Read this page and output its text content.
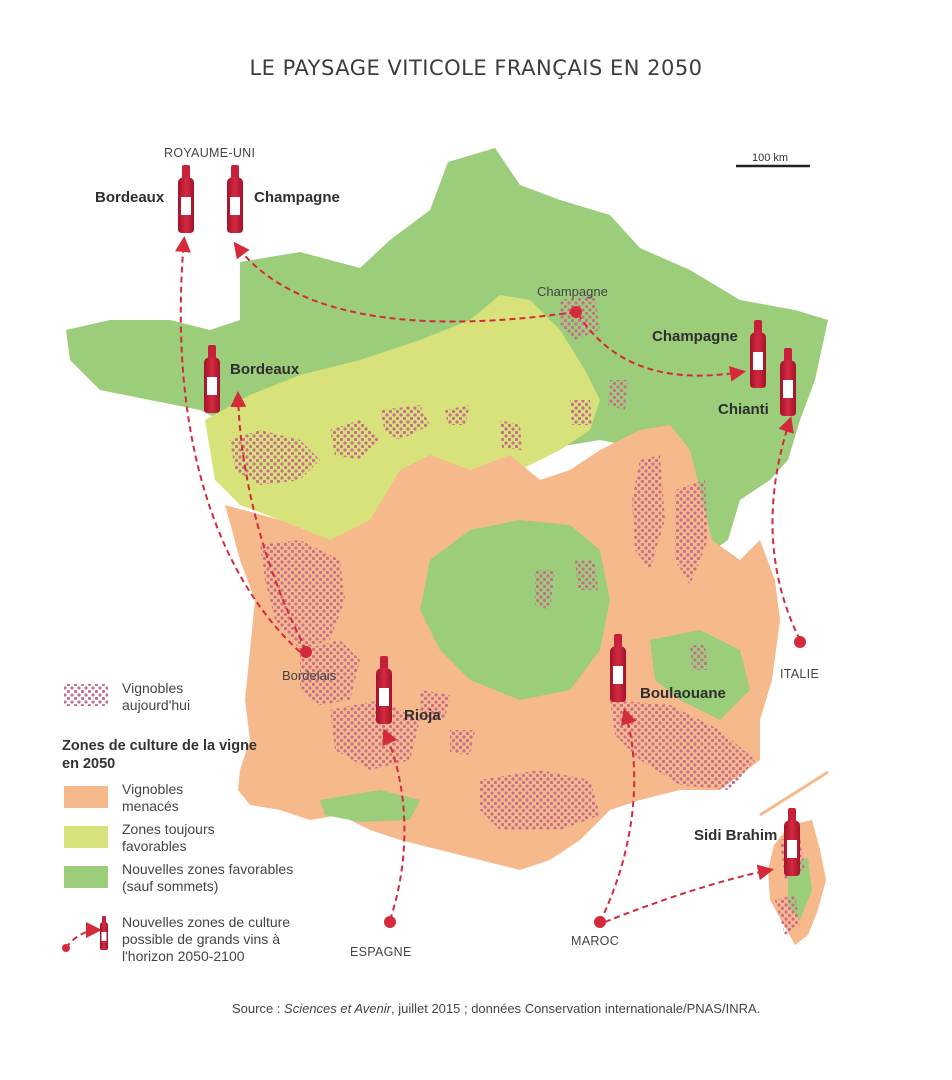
LE PAYSAGE VITICOLE FRANÇAIS EN 2050
100 km
ROYAUME-UNI
Bordeaux	Champagne
Bordeaux
Champagne
Champagne
Chianti
Bordelais
Rioja
Boulaouane
ITALIE
Sidi Brahim
ESPAGNE
MAROC
Vignobles aujourd'hui
Zones de culture de la vigne en 2050
Vignobles menacés
Zones toujours favorables
Nouvelles zones favorables (sauf sommets)
Nouvelles zones de culture possible de grands vins à l'horizon 2050-2100
Source : Sciences et Avenir, juillet 2015 ; données Conservation internationale/PNAS/INRA.
